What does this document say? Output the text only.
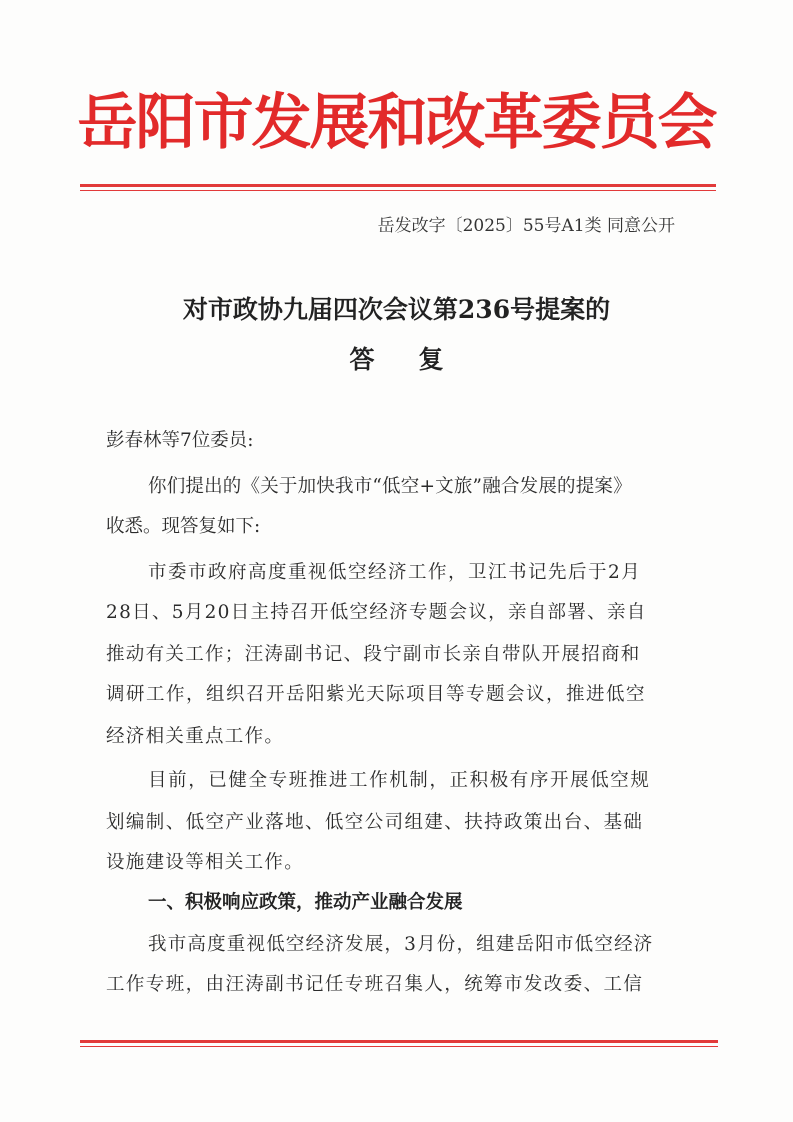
岳阳市发展和改革委员会
岳发改字〔2025〕55号A1类 同意公开
对市政协九届四次会议第236号提案的
答复
彭春林等7位委员:
你们提出的《关于加快我市“低空+文旅”融合发展的提案》
收悉。现答复如下:
市委市政府高度重视低空经济工作，卫江书记先后于2月
28日、5月20日主持召开低空经济专题会议，亲自部署、亲自
推动有关工作；汪涛副书记、段宁副市长亲自带队开展招商和
调研工作，组织召开岳阳紫光天际项目等专题会议，推进低空
经济相关重点工作。
目前，已健全专班推进工作机制，正积极有序开展低空规
划编制、低空产业落地、低空公司组建、扶持政策出台、基础
设施建设等相关工作。
一、积极响应政策，推动产业融合发展
我市高度重视低空经济发展，3月份，组建岳阳市低空经济
工作专班，由汪涛副书记任专班召集人，统筹市发改委、工信
